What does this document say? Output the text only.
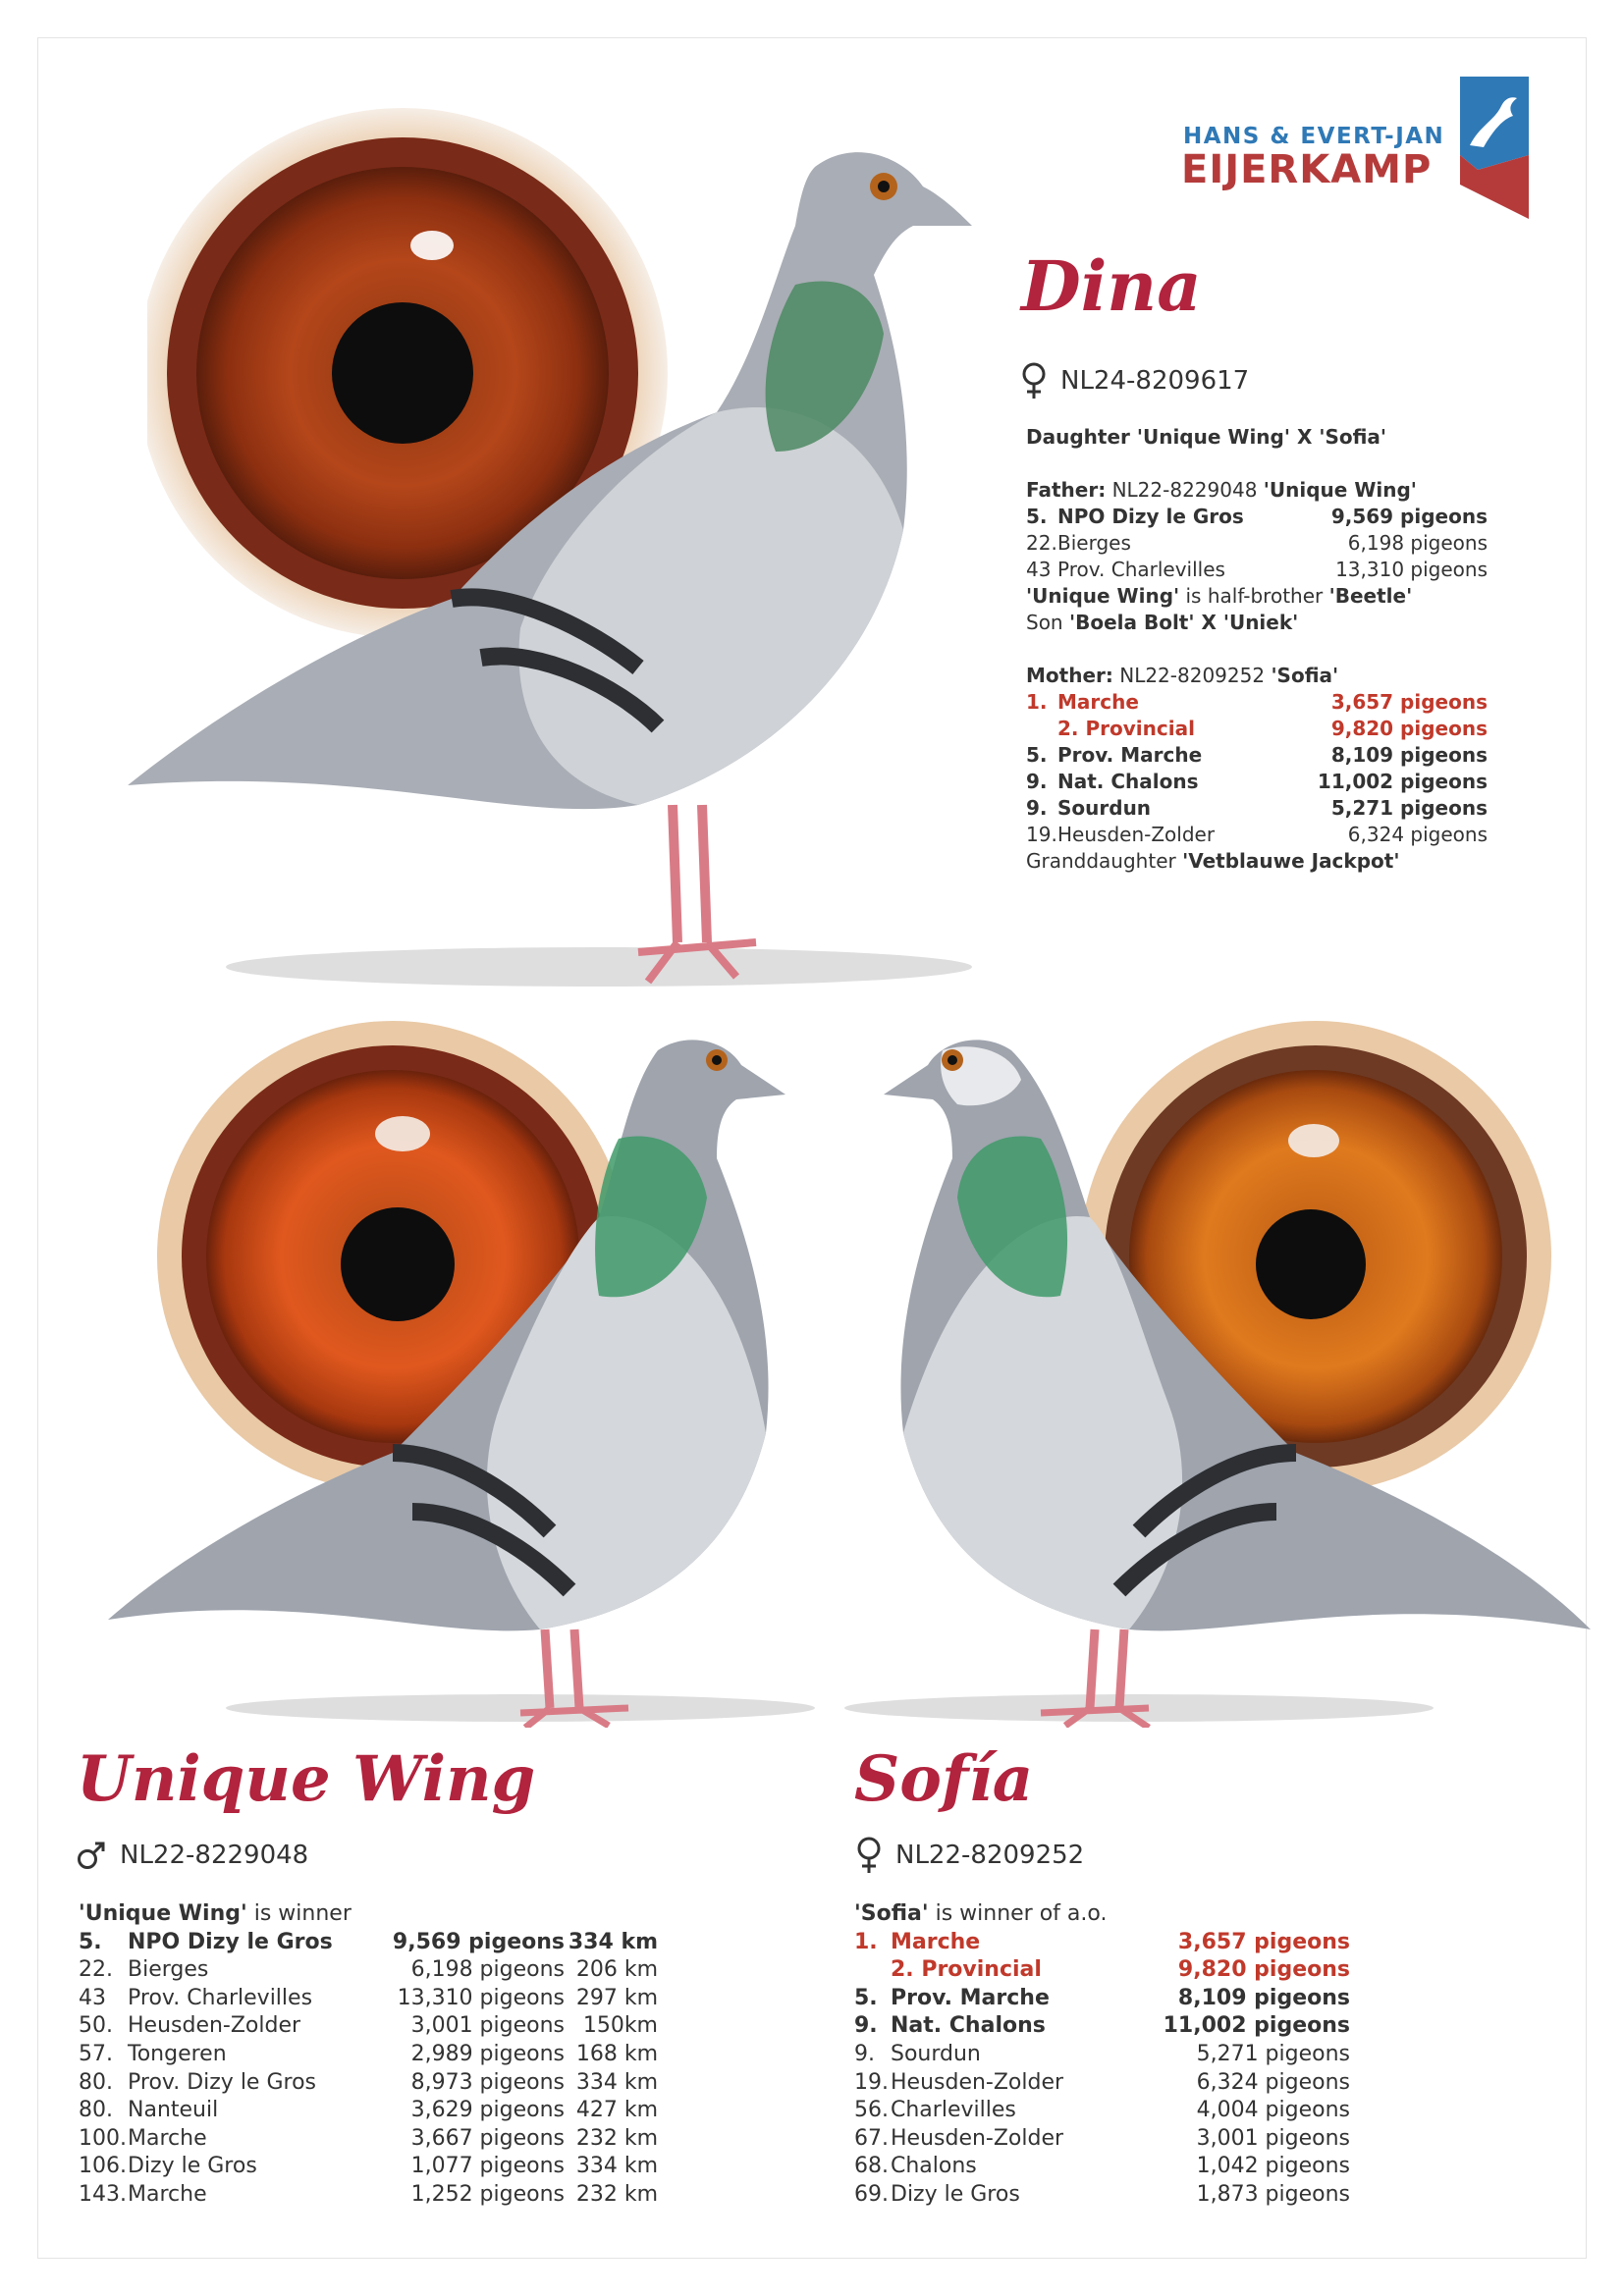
HANS & EVERT-JAN
EIJERKAMP
Dina
NL24-8209617
Daughter 'Unique Wing' X 'Sofia'
Father: NL22-8229048 'Unique Wing'
5.	NPO Dizy le Gros	9,569 pigeons
22.	Bierges	6,198 pigeons
43	Prov. Charlevilles	13,310 pigeons
'Unique Wing' is half-brother 'Beetle'
Son 'Boela Bolt' X 'Uniek'
Mother: NL22-8209252 'Sofia'
1.	Marche	3,657 pigeons
	2. Provincial	9,820 pigeons
5.	Prov. Marche	8,109 pigeons
9.	Nat. Chalons	11,002 pigeons
9.	Sourdun	5,271 pigeons
19.	Heusden-Zolder	6,324 pigeons
Granddaughter 'Vetblauwe Jackpot'
Unique Wing
NL22-8229048
'Unique Wing' is winner
5.	NPO Dizy le Gros	9,569 pigeons	334 km
22.	Bierges	6,198 pigeons	206 km
43	Prov. Charlevilles	13,310 pigeons	297 km
50.	Heusden-Zolder	3,001 pigeons	150km
57.	Tongeren	2,989 pigeons	168 km
80.	Prov. Dizy le Gros	8,973 pigeons	334 km
80.	Nanteuil	3,629 pigeons	427 km
100.	Marche	3,667 pigeons	232 km
106.	Dizy le Gros	1,077 pigeons	334 km
143.	Marche	1,252 pigeons	232 km
Sofía
NL22-8209252
'Sofia' is winner of a.o.
1.	Marche	3,657 pigeons
	2. Provincial	9,820 pigeons
5.	Prov. Marche	8,109 pigeons
9.	Nat. Chalons	11,002 pigeons
9.	Sourdun	5,271 pigeons
19.	Heusden-Zolder	6,324 pigeons
56.	Charlevilles	4,004 pigeons
67.	Heusden-Zolder	3,001 pigeons
68.	Chalons	1,042 pigeons
69.	Dizy le Gros	1,873 pigeons
